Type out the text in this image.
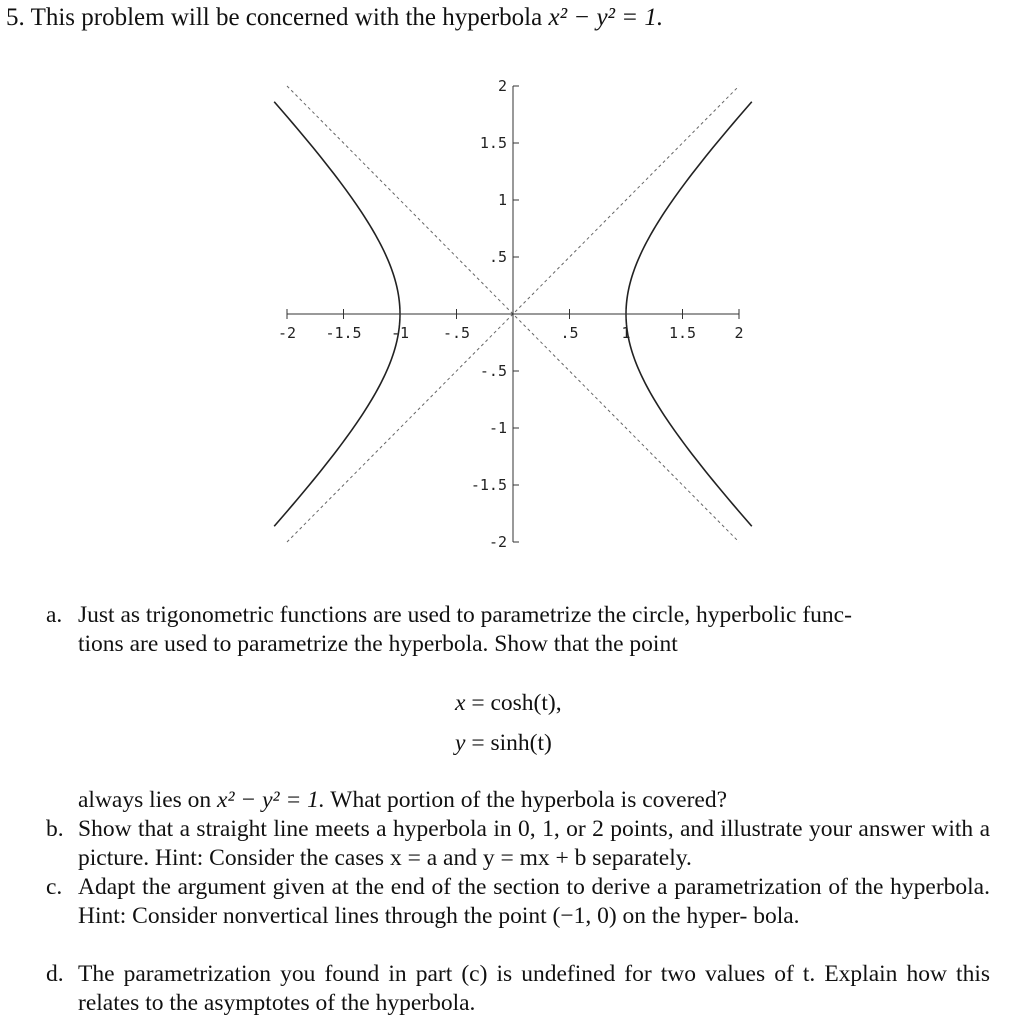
5. This problem will be concerned with the hyperbola x² − y² = 1.
-2 -1.5 -1 -.5	.5	1	1.5	2
2
1.5
1
.5
-.5
-1
-1.5
-2
a. Just as trigonometric functions are used to parametrize the circle, hyperbolic func-
tions are used to parametrize the hyperbola. Show that the point
x = cosh(t),
y = sinh(t)
always lies on x² − y² = 1. What portion of the hyperbola is covered?
b. Show that a straight line meets a hyperbola in 0, 1, or 2 points, and illustrate your answer with a picture. Hint: Consider the cases x = a and y = mx + b separately.
c. Adapt the argument given at the end of the section to derive a parametrization of the hyperbola. Hint: Consider nonvertical lines through the point (−1, 0) on the hyper- bola.
d. The parametrization you found in part (c) is undefined for two values of t. Explain how this relates to the asymptotes of the hyperbola.
